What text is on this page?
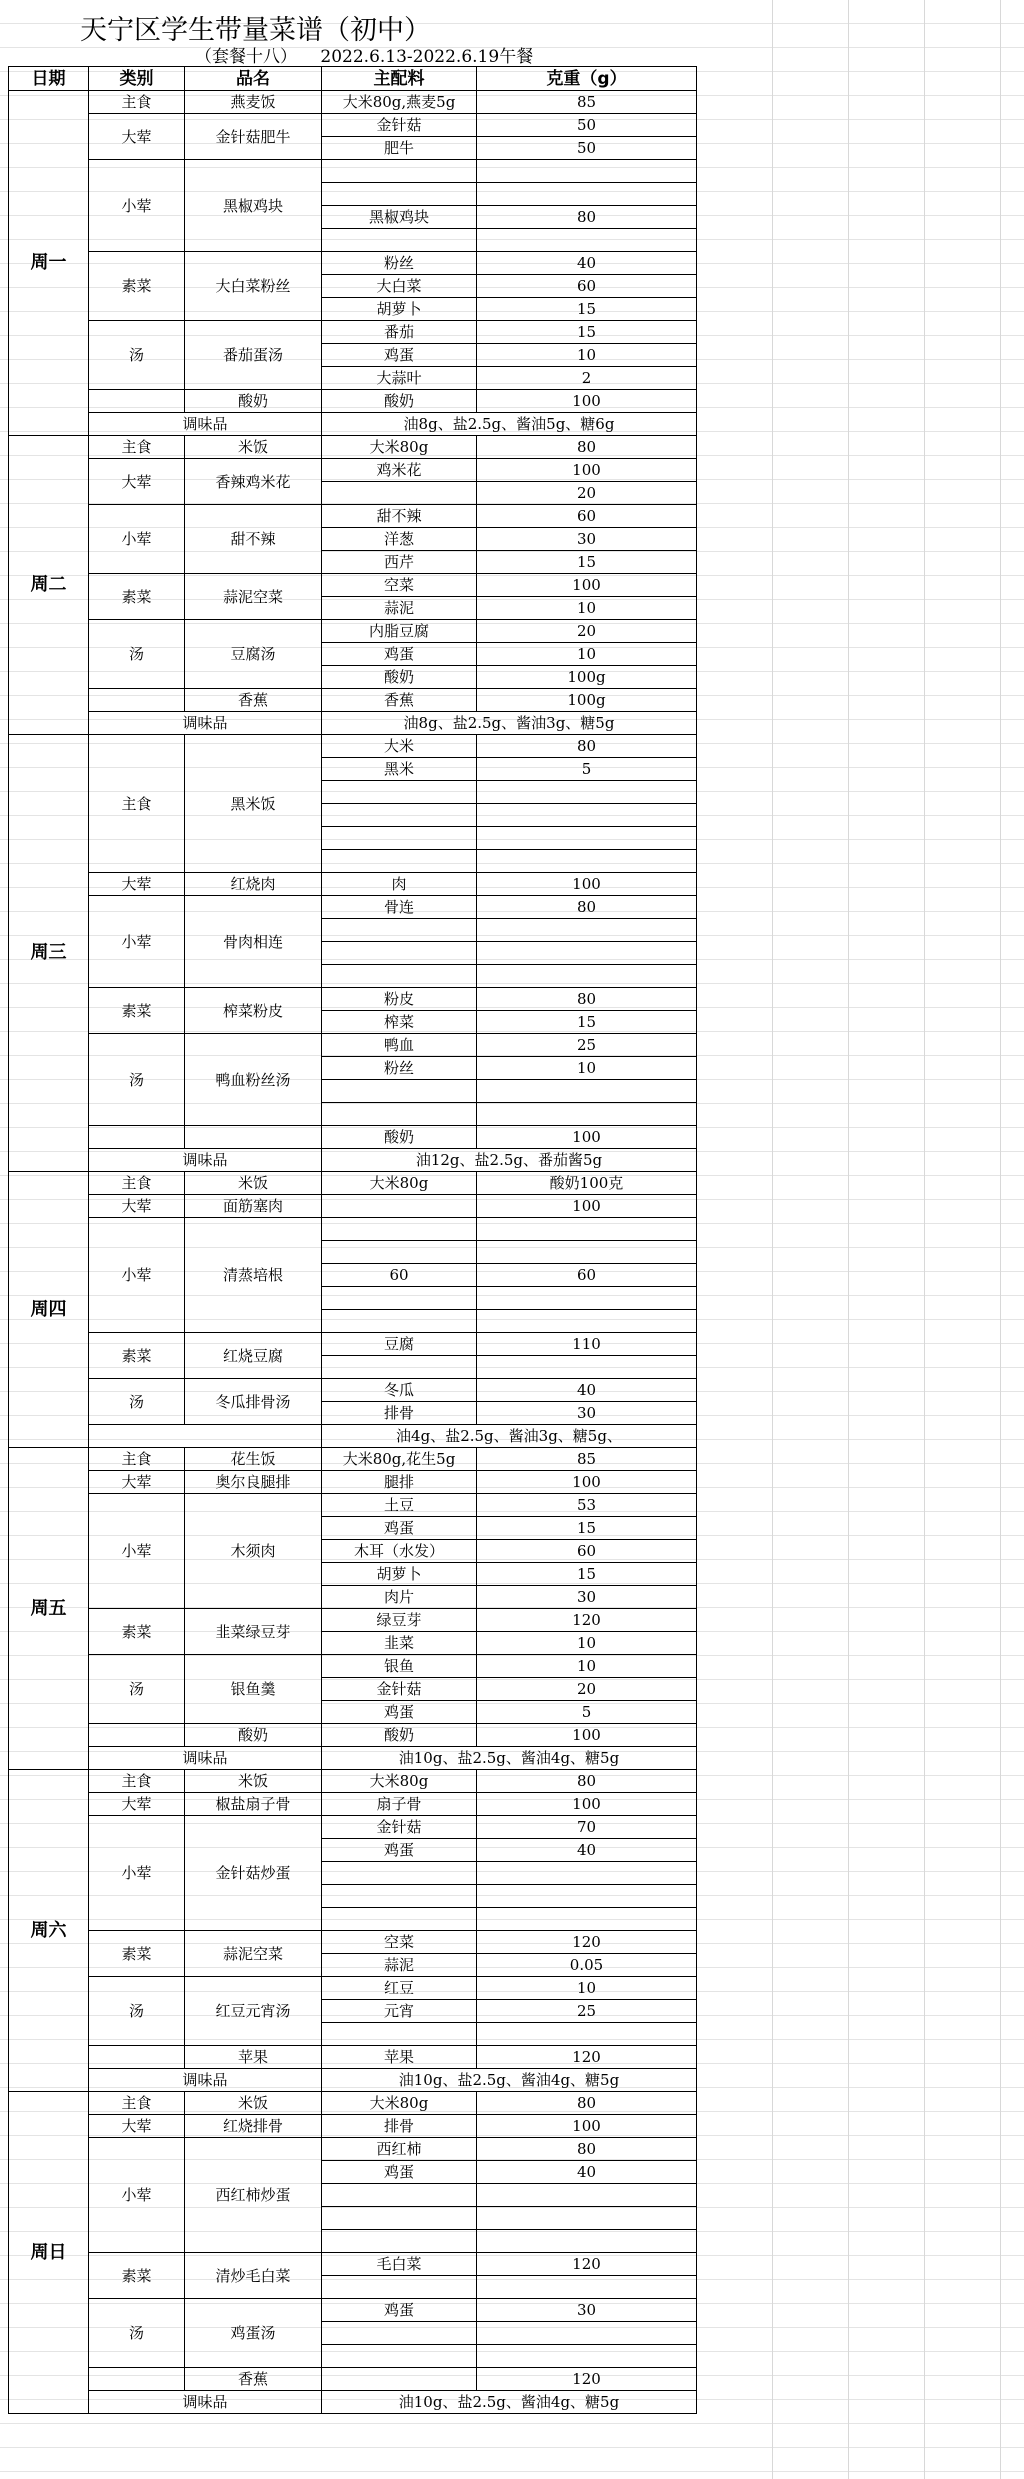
天宁区学生带量菜谱（初中）
（套餐十八） 2022.6.13-2022.6.19午餐
日期	类别	品名	主配料	克重（g）
周一	主食	燕麦饭	大米80g,燕麦5g	85
	大荤	金针菇肥牛	金针菇	50
			肥牛	50
	小荤	黑椒鸡块		

			黑椒鸡块	80

	素菜	大白菜粉丝	粉丝	40
			大白菜	60
			胡萝卜	15
	汤	番茄蛋汤	番茄	15
			鸡蛋	10
			大蒜叶	2
		酸奶	酸奶	100
	调味品		油8g、盐2.5g、酱油5g、糖6g	
周二	主食	米饭	大米80g	80
	大荤	香辣鸡米花	鸡米花	100
				20
	小荤	甜不辣	甜不辣	60
			洋葱	30
			西芹	15
	素菜	蒜泥空菜	空菜	100
			蒜泥	10
	汤	豆腐汤	内脂豆腐	20
			鸡蛋	10
			酸奶	100g
		香蕉	香蕉	100g
	调味品		油8g、盐2.5g、酱油3g、糖5g	
周三	主食	黑米饭	大米	80
			黑米	5

	大荤	红烧肉	肉	100
	小荤	骨肉相连	骨连	80

	素菜	榨菜粉皮	粉皮	80
			榨菜	15
	汤	鸭血粉丝汤	鸭血	25
			粉丝	10

			酸奶	100
	调味品		油12g、盐2.5g、番茄酱5g	
周四	主食	米饭	大米80g	酸奶100克
	大荤	面筋塞肉		100
	小荤	清蒸培根		

			60	60

	素菜	红烧豆腐	豆腐	110

	汤	冬瓜排骨汤	冬瓜	40
			排骨	30
			油4g、盐2.5g、酱油3g、糖5g、	
周五	主食	花生饭	大米80g,花生5g	85
	大荤	奥尔良腿排	腿排	100
	小荤	木须肉	土豆	53
			鸡蛋	15
			木耳（水发）	60
			胡萝卜	15
			肉片	30
	素菜	韭菜绿豆芽	绿豆芽	120
			韭菜	10
	汤	银鱼羹	银鱼	10
			金针菇	20
			鸡蛋	5
		酸奶	酸奶	100
	调味品		油10g、盐2.5g、酱油4g、糖5g	
周六	主食	米饭	大米80g	80
	大荤	椒盐扇子骨	扇子骨	100
	小荤	金针菇炒蛋	金针菇	70
			鸡蛋	40

	素菜	蒜泥空菜	空菜	120
			蒜泥	0.05
	汤	红豆元宵汤	红豆	10
			元宵	25

		苹果	苹果	120
	调味品		油10g、盐2.5g、酱油4g、糖5g	
周日	主食	米饭	大米80g	80
	大荤	红烧排骨	排骨	100
	小荤	西红柿炒蛋	西红柿	80
			鸡蛋	40

	素菜	清炒毛白菜	毛白菜	120

	汤	鸡蛋汤	鸡蛋	30

		香蕉		120
	调味品		油10g、盐2.5g、酱油4g、糖5g	
